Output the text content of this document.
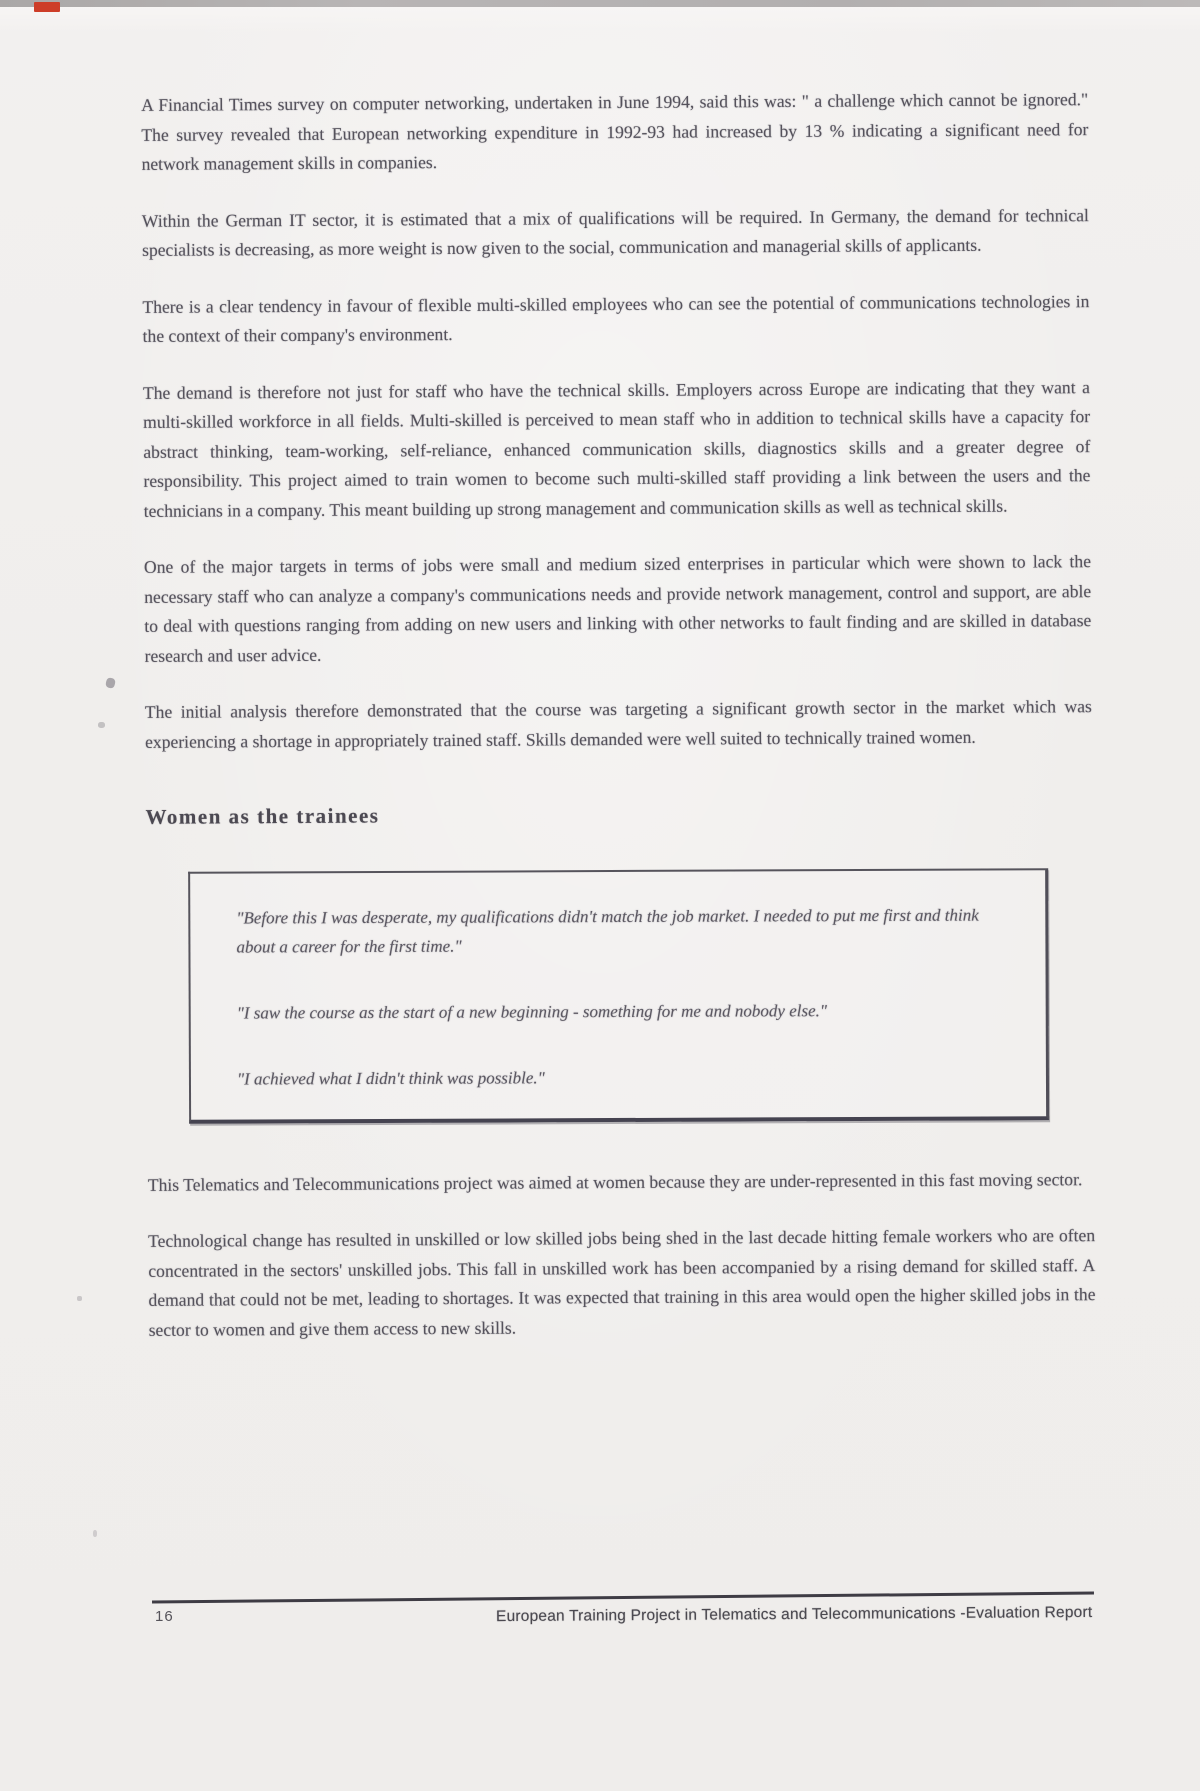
A Financial Times survey on computer networking, undertaken in June 1994, said this was: " a challenge which cannot be ignored." The survey revealed that European networking expenditure in 1992-93 had increased by 13 % indicating a significant need for network management skills in companies.

Within the German IT sector, it is estimated that a mix of qualifications will be required. In Germany, the demand for technical specialists is decreasing, as more weight is now given to the social, communication and managerial skills of applicants.

There is a clear tendency in favour of flexible multi-skilled employees who can see the potential of communications technologies in the context of their company's environment.

The demand is therefore not just for staff who have the technical skills. Employers across Europe are indicating that they want a multi-skilled workforce in all fields. Multi-skilled is perceived to mean staff who in addition to technical skills have a capacity for abstract thinking, team-working, self-reliance, enhanced communication skills, diagnostics skills and a greater degree of responsibility. This project aimed to train women to become such multi-skilled staff providing a link between the users and the technicians in a company. This meant building up strong management and communication skills as well as technical skills.

One of the major targets in terms of jobs were small and medium sized enterprises in particular which were shown to lack the necessary staff who can analyze a company's communications needs and provide network management, control and support, are able to deal with questions ranging from adding on new users and linking with other networks to fault finding and are skilled in database research and user advice.

The initial analysis therefore demonstrated that the course was targeting a significant growth sector in the market which was experiencing a shortage in appropriately trained staff. Skills demanded were well suited to technically trained women.

Women as the trainees

"Before this I was desperate, my qualifications didn't match the job market. I needed to put me first and think about a career for the first time."

"I saw the course as the start of a new beginning - something for me and nobody else."

"I achieved what I didn't think was possible."

This Telematics and Telecommunications project was aimed at women because they are under-represented in this fast moving sector.

Technological change has resulted in unskilled or low skilled jobs being shed in the last decade hitting female workers who are often concentrated in the sectors' unskilled jobs. This fall in unskilled work has been accompanied by a rising demand for skilled staff. A demand that could not be met, leading to shortages. It was expected that training in this area would open the higher skilled jobs in the sector to women and give them access to new skills.

16	European Training Project in Telematics and Telecommunications -Evaluation Report
